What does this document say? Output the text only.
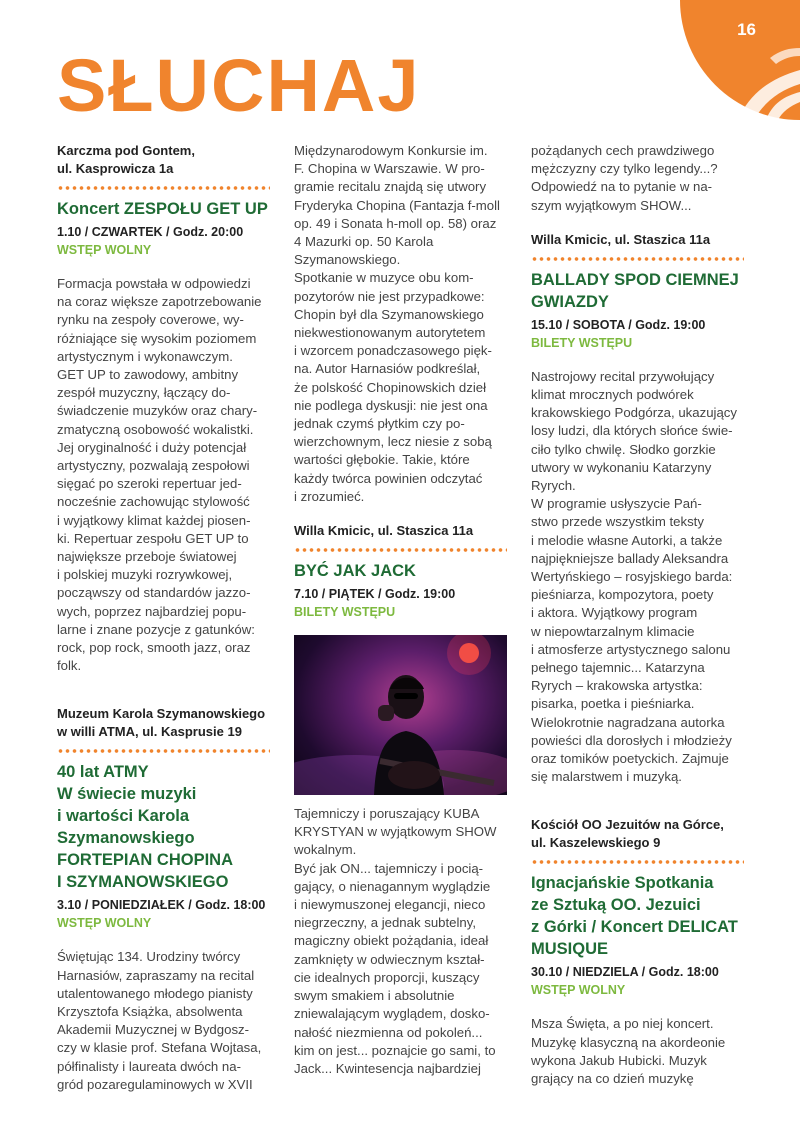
16
SŁUCHAJ
Karczma pod Gontem,
ul. Kasprowicza 1a
Koncert ZESPOŁU GET UP
1.10 / CZWARTEK / Godz. 20:00
WSTĘP WOLNY
Formacja powstała w odpowiedzi
na coraz większe zapotrzebowanie
rynku na zespoły coverowe, wy-
różniające się wysokim poziomem
artystycznym i wykonawczym.
GET UP to zawodowy, ambitny
zespół muzyczny, łączący do-
świadczenie muzyków oraz chary-
zmatyczną osobowość wokalistki.
Jej oryginalność i duży potencjał
artystyczny, pozwalają zespołowi
sięgać po szeroki repertuar jed-
nocześnie zachowując stylowość
i wyjątkowy klimat każdej piosen-
ki. Repertuar zespołu GET UP to
największe przeboje światowej
i polskiej muzyki rozrywkowej,
począwszy od standardów jazzo-
wych, poprzez najbardziej popu-
larne i znane pozycje z gatunków:
rock, pop rock, smooth jazz, oraz
folk.
Muzeum Karola Szymanowskiego
w willi ATMA, ul. Kasprusie 19
40 lat ATMY
W świecie muzyki
i wartości Karola
Szymanowskiego
FORTEPIAN CHOPINA
I SZYMANOWSKIEGO
3.10 / PONIEDZIAŁEK / Godz. 18:00
WSTĘP WOLNY
Świętując 134. Urodziny twórcy
Harnasiów, zapraszamy na recital
utalentowanego młodego pianisty
Krzysztofa Książka, absolwenta
Akademii Muzycznej w Bydgosz-
czy w klasie prof. Stefana Wojtasa,
półfinalisty i laureata dwóch na-
gród pozaregulaminowych w XVII
Międzynarodowym Konkursie im.
F. Chopina w Warszawie. W pro-
gramie recitalu znajdą się utwory
Fryderyka Chopina (Fantazja f-moll
op. 49 i Sonata h-moll op. 58) oraz
4 Mazurki op. 50 Karola
Szymanowskiego.
Spotkanie w muzyce obu kom-
pozytorów nie jest przypadkowe:
Chopin był dla Szymanowskiego
niekwestionowanym autorytetem
i wzorcem ponadczasowego pięk-
na. Autor Harnasiów podkreślał,
że polskość Chopinowskich dzieł
nie podlega dyskusji: nie jest ona
jednak czymś płytkim czy po-
wierzchownym, lecz niesie z sobą
wartości głębokie. Takie, które
każdy twórca powinien odczytać
i zrozumieć.
Willa Kmicic, ul. Staszica 11a
BYĆ JAK JACK
7.10 / PIĄTEK / Godz. 19:00
BILETY WSTĘPU
Tajemniczy i poruszający KUBA
KRYSTYAN w wyjątkowym SHOW
wokalnym.
Być jak ON... tajemniczy i pocią-
gający, o nienagannym wyglądzie
i niewymuszonej elegancji, nieco
niegrzeczny, a jednak subtelny,
magiczny obiekt pożądania, ideał
zamknięty w odwiecznym kształ-
cie idealnych proporcji, kuszący
swym smakiem i absolutnie
zniewalającym wyglądem, dosko-
nałość niezmienna od pokoleń...
kim on jest... poznajcie go sami, to
Jack... Kwintesencja najbardziej
pożądanych cech prawdziwego
mężczyzny czy tylko legendy...?
Odpowiedź na to pytanie w na-
szym wyjątkowym SHOW...
Willa Kmicic, ul. Staszica 11a
BALLADY SPOD CIEMNEJ
GWIAZDY
15.10 / SOBOTA / Godz. 19:00
BILETY WSTĘPU
Nastrojowy recital przywołujący
klimat mrocznych podwórek
krakowskiego Podgórza, ukazujący
losy ludzi, dla których słońce świe-
ciło tylko chwilę. Słodko gorzkie
utwory w wykonaniu Katarzyny
Ryrych.
W programie usłyszycie Pań-
stwo przede wszystkim teksty
i melodie własne Autorki, a także
najpiękniejsze ballady Aleksandra
Wertyńskiego – rosyjskiego barda:
pieśniarza, kompozytora, poety
i aktora. Wyjątkowy program
w niepowtarzalnym klimacie
i atmosferze artystycznego salonu
pełnego tajemnic... Katarzyna
Ryrych – krakowska artystka:
pisarka, poetka i pieśniarka.
Wielokrotnie nagradzana autorka
powieści dla dorosłych i młodzieży
oraz tomików poetyckich. Zajmuje
się malarstwem i muzyką.
Kościół OO Jezuitów na Górce,
ul. Kaszelewskiego 9
Ignacjańskie Spotkania
ze Sztuką OO. Jezuici
z Górki / Koncert DELICAT
MUSIQUE
30.10 / NIEDZIELA / Godz. 18:00
WSTĘP WOLNY
Msza Święta, a po niej koncert.
Muzykę klasyczną na akordeonie
wykona Jakub Hubicki. Muzyk
grający na co dzień muzykę
